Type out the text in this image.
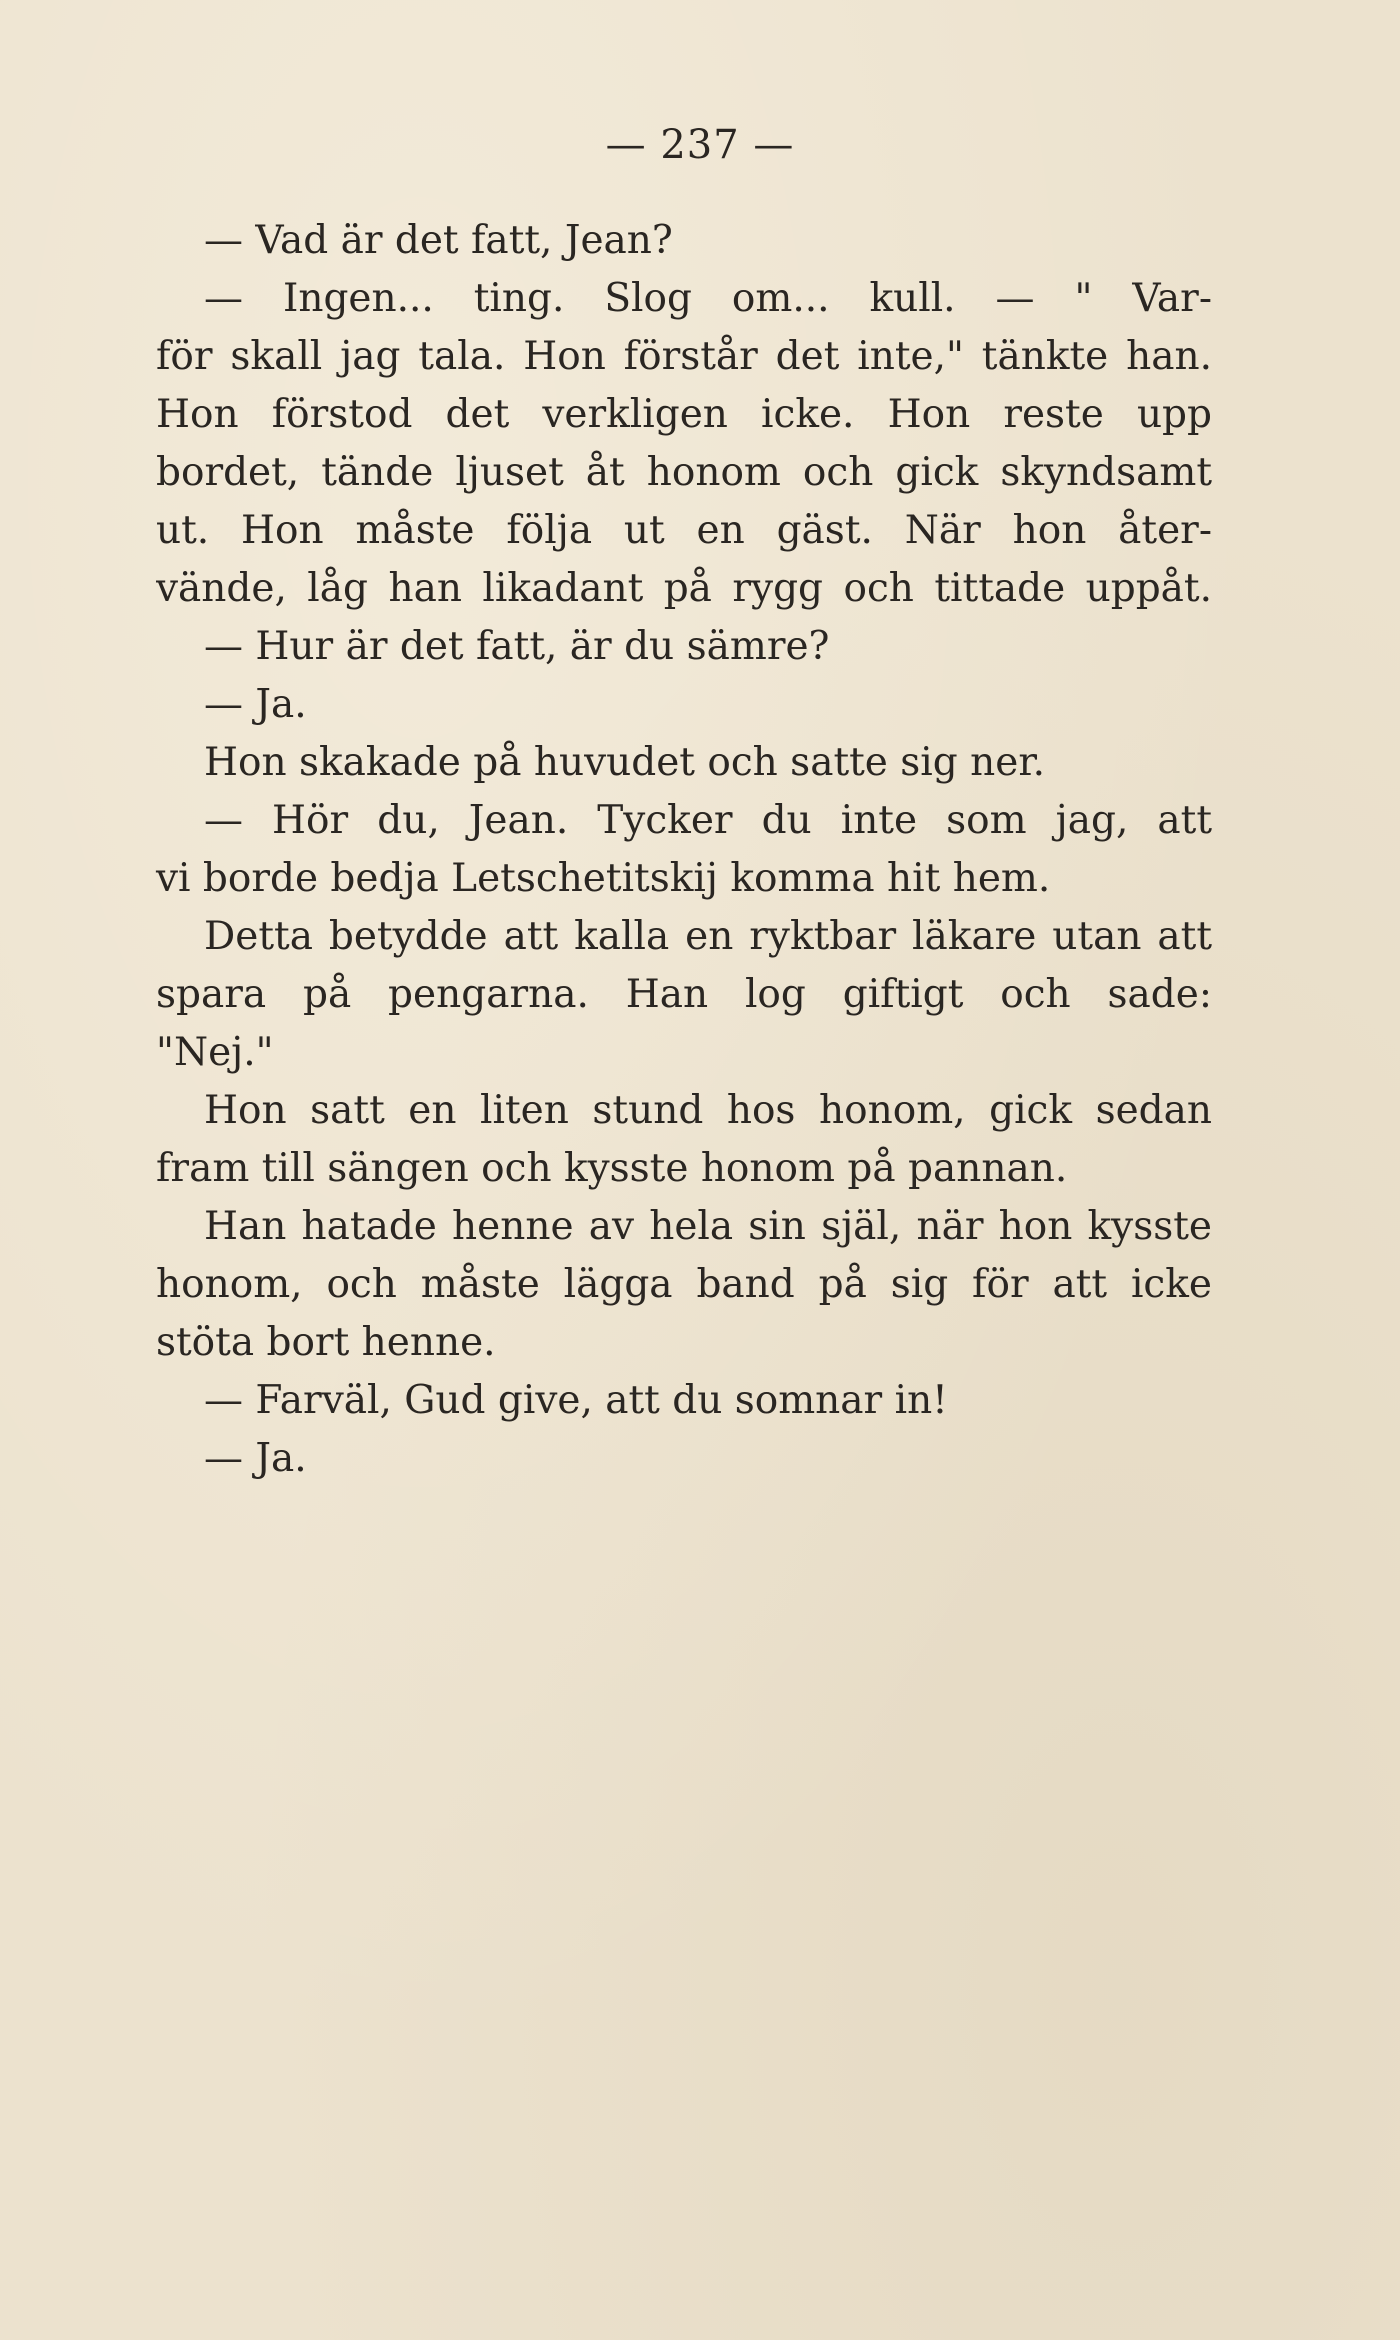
— 237 —
— Vad är det fatt, Jean?
— Ingen... ting. Slog om... kull. — " Var-
för skall jag tala. Hon förstår det inte," tänkte han.
Hon förstod det verkligen icke. Hon reste upp
bordet, tände ljuset åt honom och gick skyndsamt
ut. Hon måste följa ut en gäst. När hon åter-
vände, låg han likadant på rygg och tittade uppåt.
— Hur är det fatt, är du sämre?
— Ja.
Hon skakade på huvudet och satte sig ner.
— Hör du, Jean. Tycker du inte som jag, att
vi borde bedja Letschetitskij komma hit hem.
Detta betydde att kalla en ryktbar läkare utan att
spara på pengarna. Han log giftigt och sade:
"Nej."
Hon satt en liten stund hos honom, gick sedan
fram till sängen och kysste honom på pannan.
Han hatade henne av hela sin själ, när hon kysste
honom, och måste lägga band på sig för att icke
stöta bort henne.
— Farväl, Gud give, att du somnar in!
— Ja.
